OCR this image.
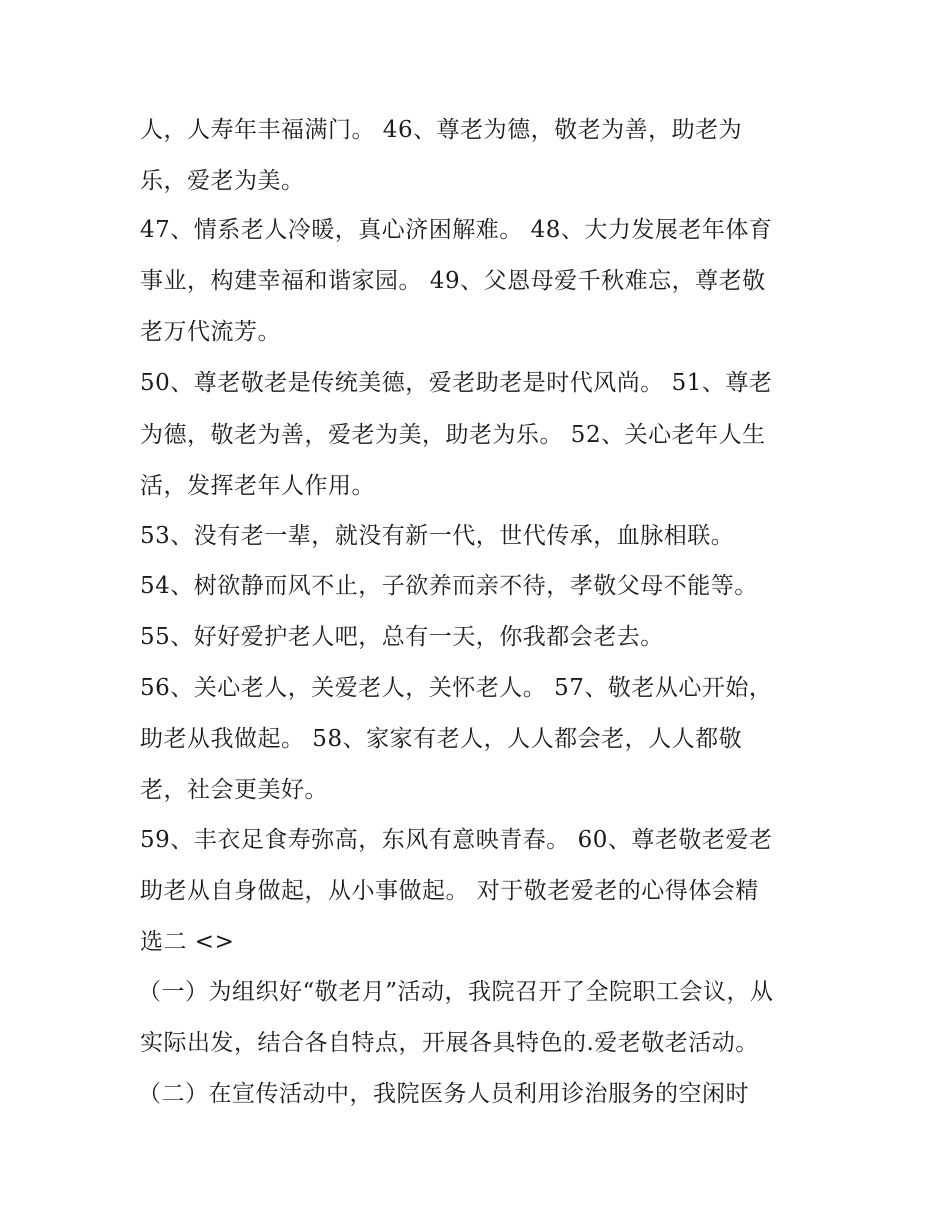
人，人寿年丰福满门。 46、尊老为德，敬老为善，助老为
乐，爱老为美。
47、情系老人冷暖，真心济困解难。 48、大力发展老年体育
事业，构建幸福和谐家园。 49、父恩母爱千秋难忘，尊老敬
老万代流芳。
50、尊老敬老是传统美德，爱老助老是时代风尚。 51、尊老
为德，敬老为善，爱老为美，助老为乐。 52、关心老年人生
活，发挥老年人作用。
53、没有老一辈，就没有新一代，世代传承，血脉相联。
54、树欲静而风不止，子欲养而亲不待，孝敬父母不能等。
55、好好爱护老人吧，总有一天，你我都会老去。
56、关心老人，关爱老人，关怀老人。 57、敬老从心开始，
助老从我做起。 58、家家有老人，人人都会老，人人都敬
老，社会更美好。
59、丰衣足食寿弥高，东风有意映青春。 60、尊老敬老爱老
助老从自身做起，从小事做起。 对于敬老爱老的心得体会精
选二 <>
（一）为组织好“敬老月”活动，我院召开了全院职工会议，从
实际出发，结合各自特点，开展各具特色的.爱老敬老活动。
（二）在宣传活动中，我院医务人员利用诊治服务的空闲时
